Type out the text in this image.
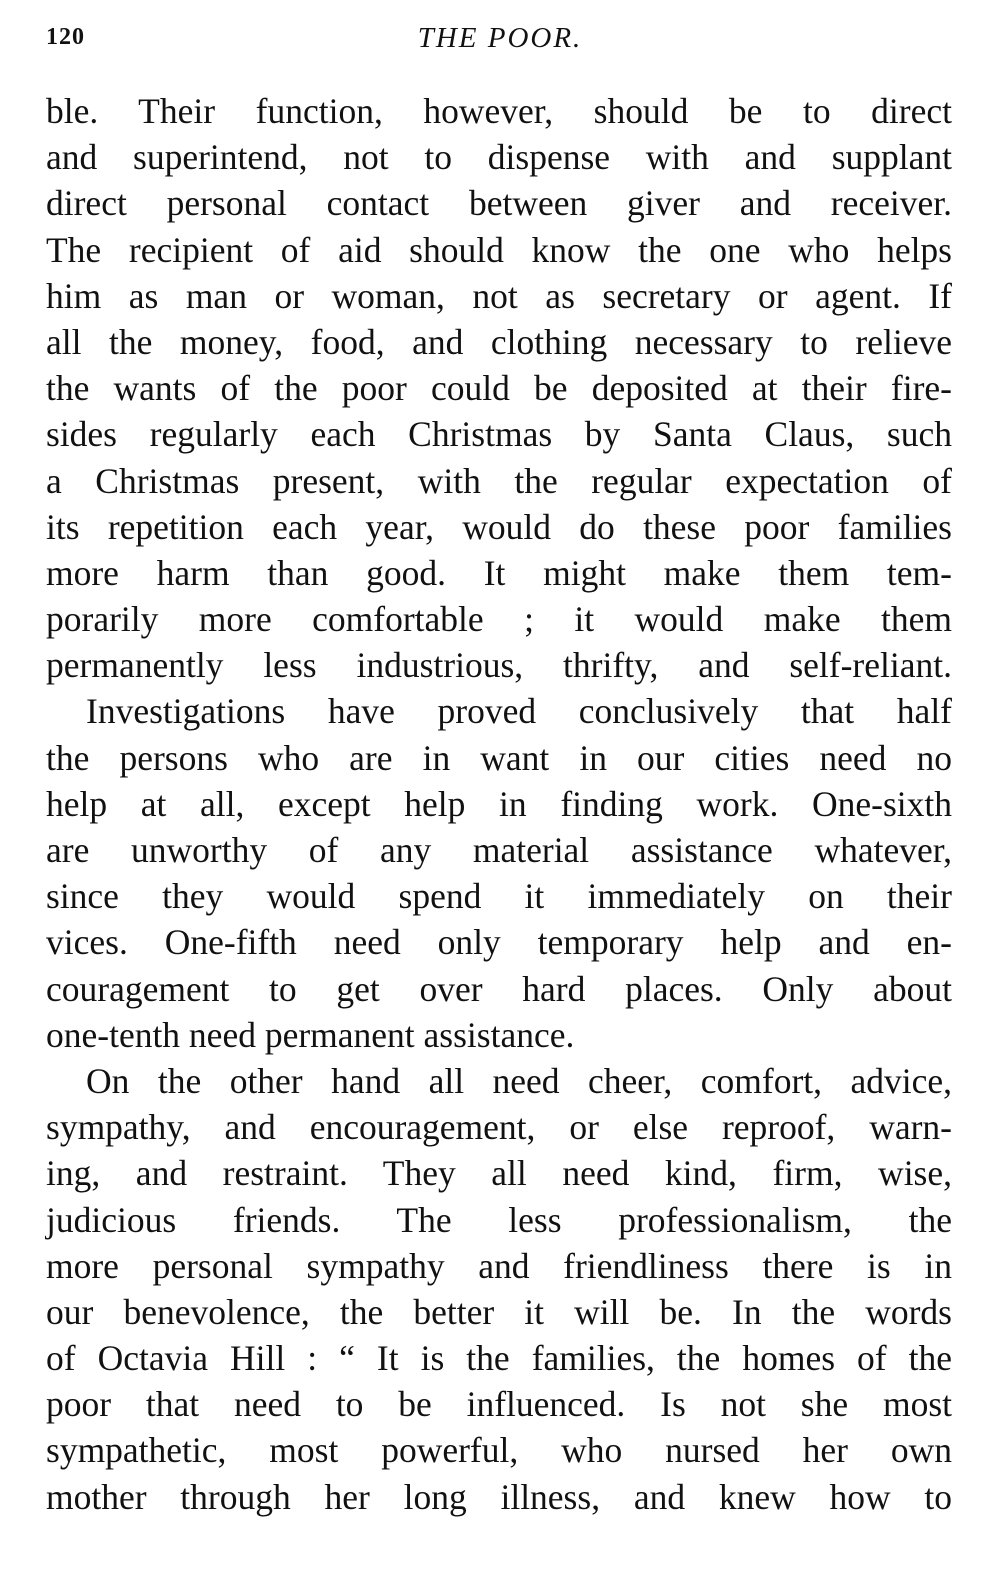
120	THE POOR.
ble. Their function, however, should be to direct
and superintend, not to dispense with and supplant
direct personal contact between giver and receiver.
The recipient of aid should know the one who helps
him as man or woman, not as secretary or agent. If
all the money, food, and clothing necessary to relieve
the wants of the poor could be deposited at their fire-
sides regularly each Christmas by Santa Claus, such
a Christmas present, with the regular expectation of
its repetition each year, would do these poor families
more harm than good. It might make them tem-
porarily more comfortable ; it would make them
permanently less industrious, thrifty, and self-reliant.
Investigations have proved conclusively that half
the persons who are in want in our cities need no
help at all, except help in finding work. One-sixth
are unworthy of any material assistance whatever,
since they would spend it immediately on their
vices. One-fifth need only temporary help and en-
couragement to get over hard places. Only about
one-tenth need permanent assistance.
On the other hand all need cheer, comfort, advice,
sympathy, and encouragement, or else reproof, warn-
ing, and restraint. They all need kind, firm, wise,
judicious friends. The less professionalism, the
more personal sympathy and friendliness there is in
our benevolence, the better it will be. In the words
of Octavia Hill : “ It is the families, the homes of the
poor that need to be influenced. Is not she most
sympathetic, most powerful, who nursed her own
mother through her long illness, and knew how to
